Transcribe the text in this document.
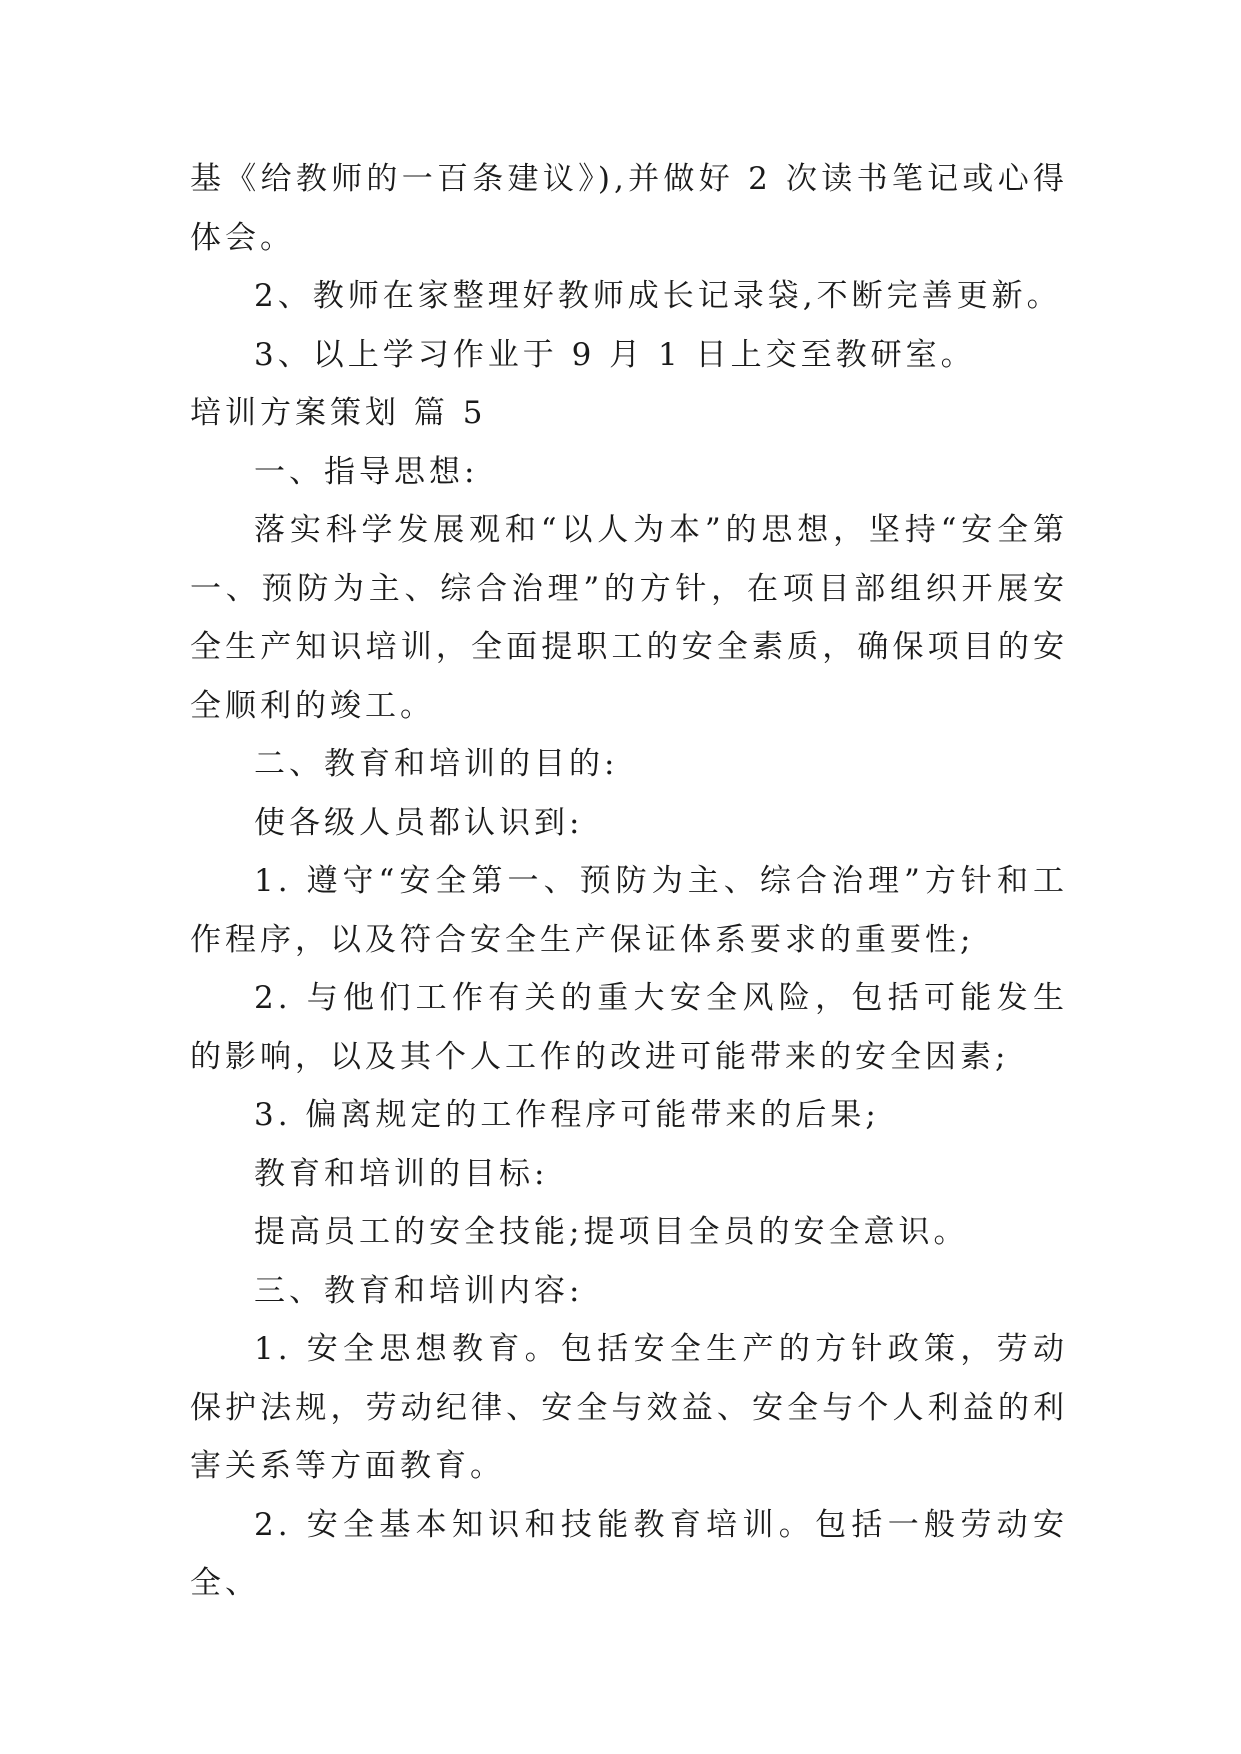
基《给教师的一百条建议》),并做好 2 次读书笔记或心得体会。

2、教师在家整理好教师成长记录袋,不断完善更新。

3、以上学习作业于 9 月 1 日上交至教研室。

培训方案策划 篇 5

一、指导思想:

落实科学发展观和“以人为本”的思想，坚持“安全第一、预防为主、综合治理”的方针，在项目部组织开展安全生产知识培训，全面提职工的安全素质，确保项目的安全顺利的竣工。

二、教育和培训的目的:

使各级人员都认识到:

1. 遵守“安全第一、预防为主、综合治理”方针和工作程序，以及符合安全生产保证体系要求的重要性;

2. 与他们工作有关的重大安全风险，包括可能发生的影响，以及其个人工作的改进可能带来的安全因素;

3. 偏离规定的工作程序可能带来的后果;

教育和培训的目标:

提高员工的安全技能;提项目全员的安全意识。

三、教育和培训内容:

1. 安全思想教育。包括安全生产的方针政策，劳动保护法规，劳动纪律、安全与效益、安全与个人利益的利害关系等方面教育。

2. 安全基本知识和技能教育培训。包括一般劳动安全、
